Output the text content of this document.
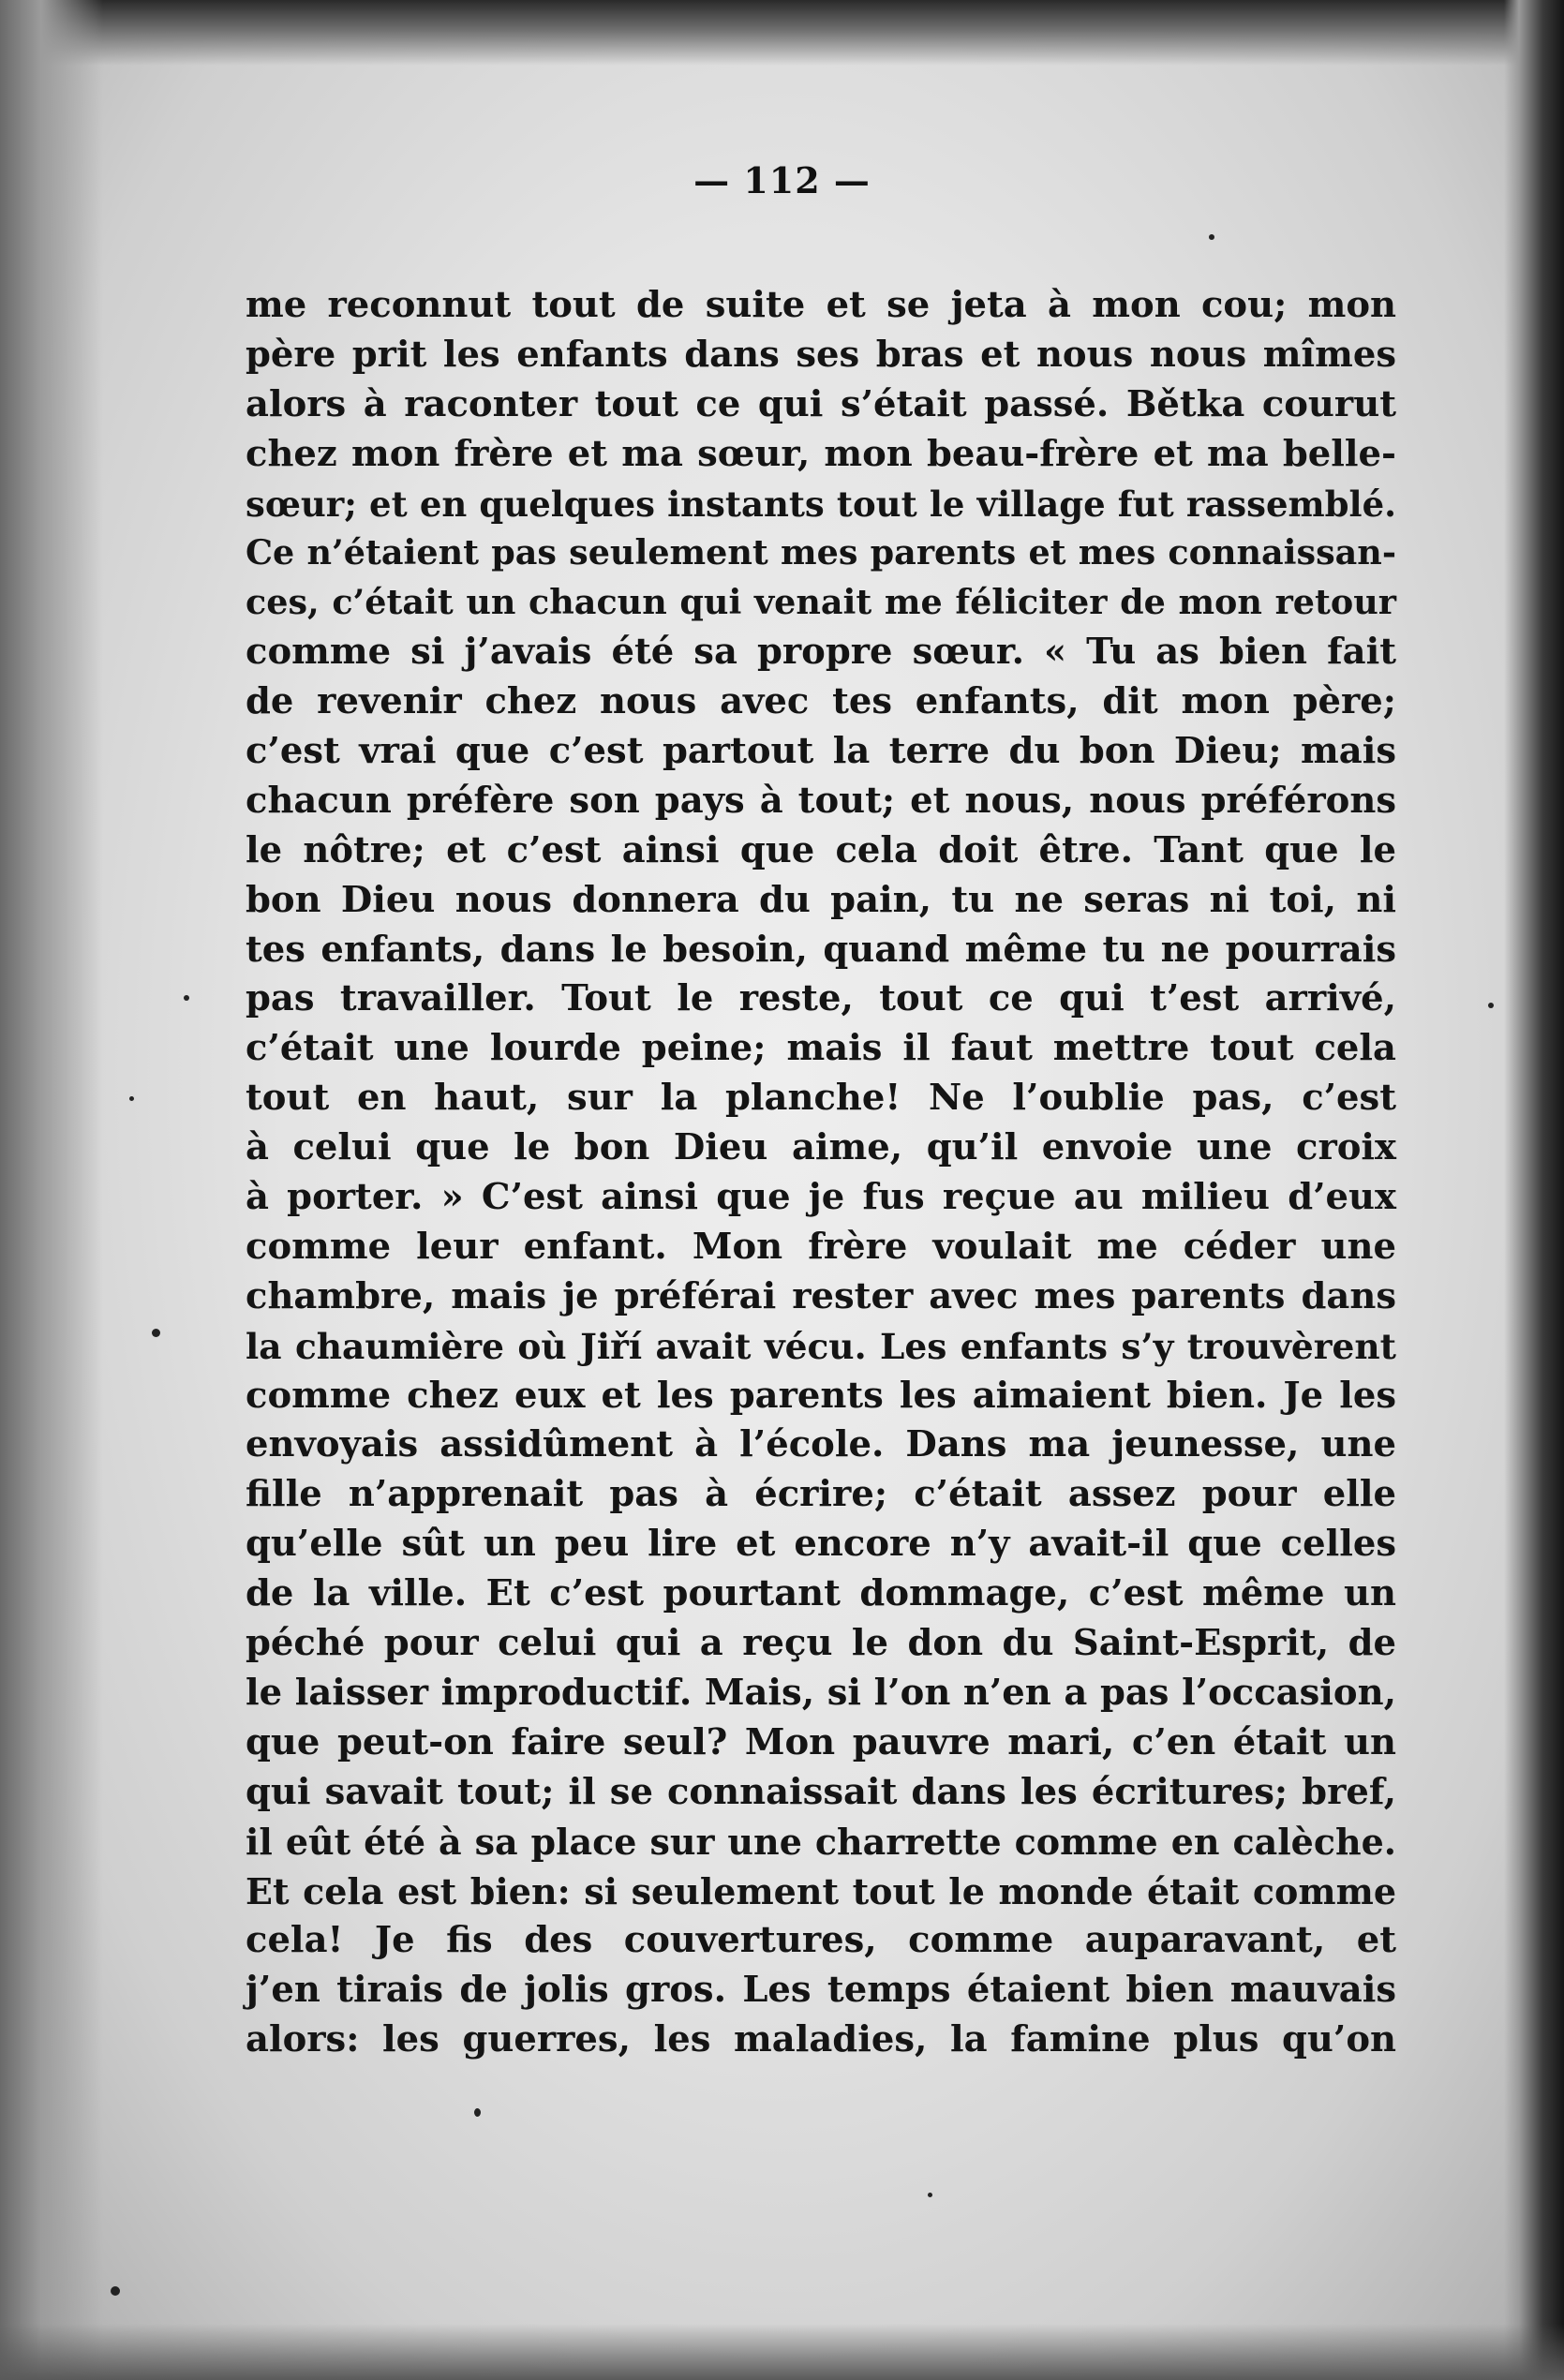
— 112 —
me reconnut tout de suite et se jeta à mon cou; mon
père prit les enfants dans ses bras et nous nous mîmes
alors à raconter tout ce qui s’était passé. Bětka courut
chez mon frère et ma sœur, mon beau-frère et ma belle-
sœur; et en quelques instants tout le village fut rassemblé.
Ce n’étaient pas seulement mes parents et mes connaissan-
ces, c’était un chacun qui venait me féliciter de mon retour
comme si j’avais été sa propre sœur. « Tu as bien fait
de revenir chez nous avec tes enfants, dit mon père;
c’est vrai que c’est partout la terre du bon Dieu; mais
chacun préfère son pays à tout; et nous, nous préférons
le nôtre; et c’est ainsi que cela doit être. Tant que le
bon Dieu nous donnera du pain, tu ne seras ni toi, ni
tes enfants, dans le besoin, quand même tu ne pourrais
pas travailler. Tout le reste, tout ce qui t’est arrivé,
c’était une lourde peine; mais il faut mettre tout cela
tout en haut, sur la planche! Ne l’oublie pas, c’est
à celui que le bon Dieu aime, qu’il envoie une croix
à porter. » C’est ainsi que je fus reçue au milieu d’eux
comme leur enfant. Mon frère voulait me céder une
chambre, mais je préférai rester avec mes parents dans
la chaumière où Jiří avait vécu. Les enfants s’y trouvèrent
comme chez eux et les parents les aimaient bien. Je les
envoyais assidûment à l’école. Dans ma jeunesse, une
fille n’apprenait pas à écrire; c’était assez pour elle
qu’elle sût un peu lire et encore n’y avait-il que celles
de la ville. Et c’est pourtant dommage, c’est même un
péché pour celui qui a reçu le don du Saint-Esprit, de
le laisser improductif. Mais, si l’on n’en a pas l’occasion,
que peut-on faire seul? Mon pauvre mari, c’en était un
qui savait tout; il se connaissait dans les écritures; bref,
il eût été à sa place sur une charrette comme en calèche.
Et cela est bien: si seulement tout le monde était comme
cela! Je fis des couvertures, comme auparavant, et
j’en tirais de jolis gros. Les temps étaient bien mauvais
alors: les guerres, les maladies, la famine plus qu’on
